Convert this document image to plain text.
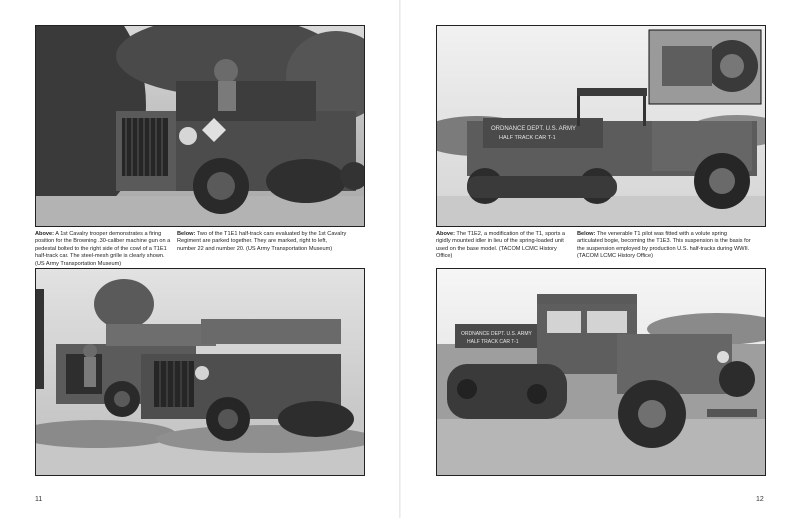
Above: A 1st Cavalry trooper demonstrates a firing position for the Browning .30-caliber machine gun on a pedestal bolted to the right side of the cowl of a T1E1 half-track car. The steel-mesh grille is clearly shown. (US Army Transportation Museum)
Below: Two of the T1E1 half-track cars evaluated by the 1st Cavalry Regiment are parked together. They are marked, right to left, number 22 and number 20. (US Army Transportation Museum)
11
ORDNANCE DEPT. U.S. ARMY
HALF TRACK CAR T-1
Above: The T1E2, a modification of the T1, sports a rigidly mounted idler in lieu of the spring-loaded unit used on the base model. (TACOM LCMC History Office)
Below: The venerable T1 pilot was fitted with a volute spring articulated bogie, becoming the T1E3. This suspension is the basis for the suspension employed by production U.S. half-tracks during WWII. (TACOM LCMC History Office)
ORDNANCE DEPT. U.S. ARMY
HALF TRACK CAR T-1
12
